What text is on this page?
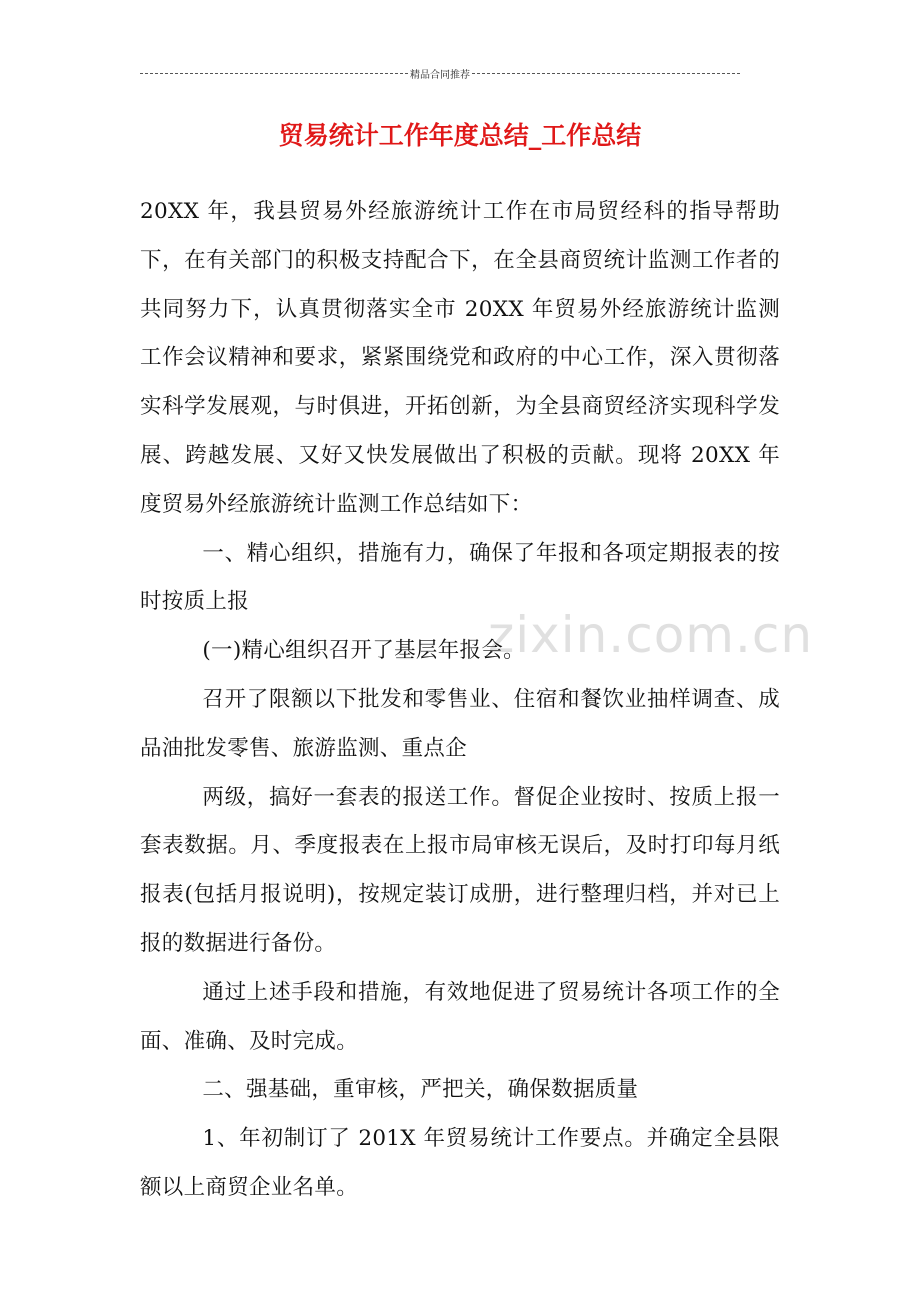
精品合同推荐
贸易统计工作年度总结_工作总结
zixin.com.cn

20XX 年，我县贸易外经旅游统计工作在市局贸经科的指导帮助下，在有关部门的积极支持配合下，在全县商贸统计监测工作者的共同努力下，认真贯彻落实全市 20XX 年贸易外经旅游统计监测工作会议精神和要求，紧紧围绕党和政府的中心工作，深入贯彻落实科学发展观，与时俱进，开拓创新，为全县商贸经济实现科学发展、跨越发展、又好又快发展做出了积极的贡献。现将 20XX 年度贸易外经旅游统计监测工作总结如下：

一、精心组织，措施有力，确保了年报和各项定期报表的按时按质上报

(一)精心组织召开了基层年报会。

召开了限额以下批发和零售业、住宿和餐饮业抽样调查、成品油批发零售、旅游监测、重点企

两级，搞好一套表的报送工作。督促企业按时、按质上报一套表数据。月、季度报表在上报市局审核无误后，及时打印每月纸报表(包括月报说明)，按规定装订成册，进行整理归档，并对已上报的数据进行备份。

通过上述手段和措施，有效地促进了贸易统计各项工作的全面、准确、及时完成。

二、强基础，重审核，严把关，确保数据质量

1、年初制订了 201X 年贸易统计工作要点。并确定全县限额以上商贸企业名单。
